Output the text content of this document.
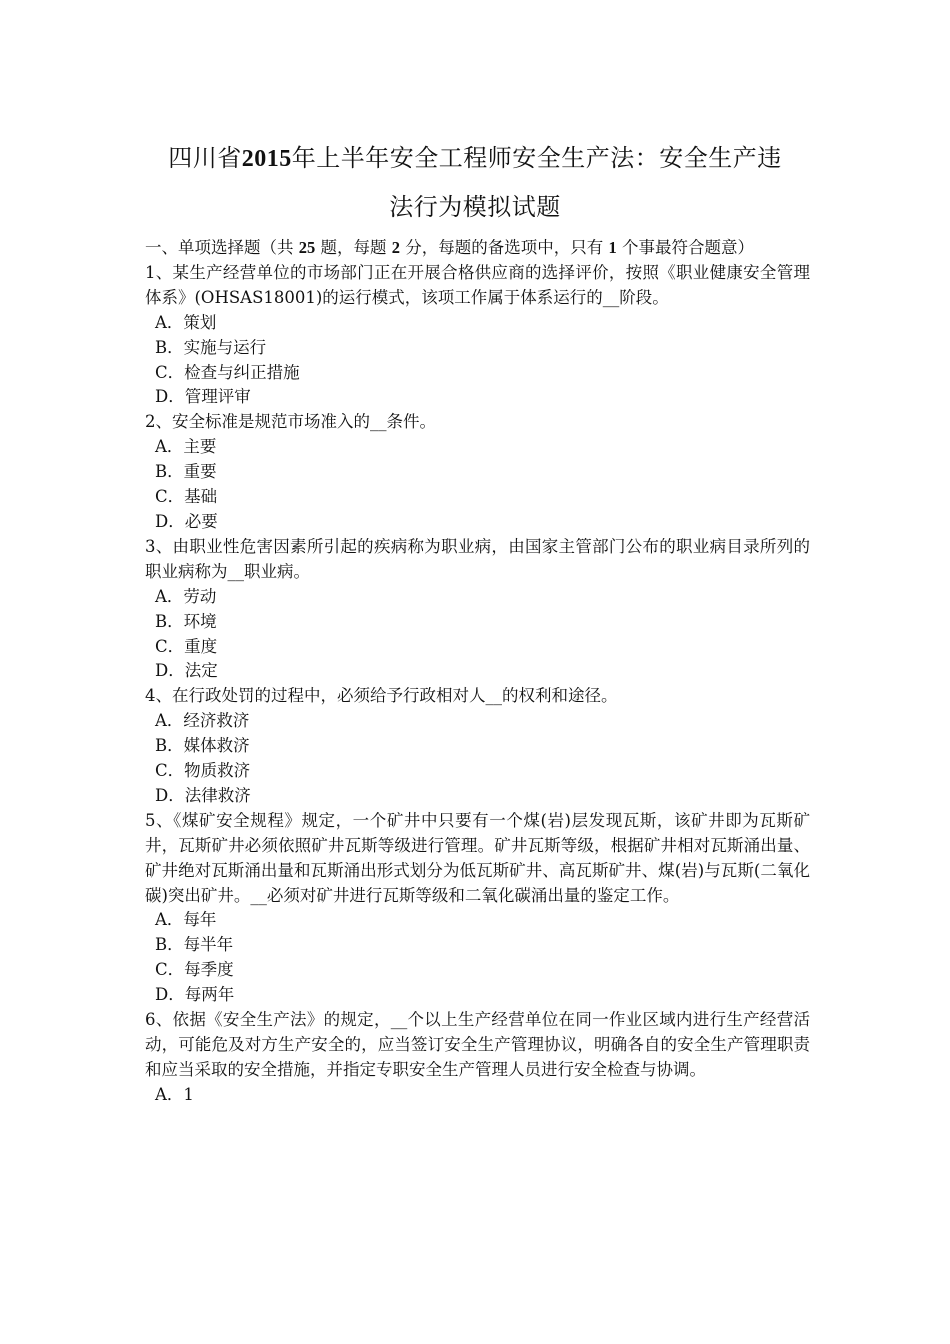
四川省2015年上半年安全工程师安全生产法：安全生产违
法行为模拟试题

一、单项选择题（共 25 题，每题 2 分，每题的备选项中，只有 1 个事最符合题意）

1、某生产经营单位的市场部门正在开展合格供应商的选择评价，按照《职业健康安全管理体系》(OHSAS18001)的运行模式，该项工作属于体系运行的__阶段。

A．策划

B．实施与运行

C．检查与纠正措施

D．管理评审

2、安全标准是规范市场准入的__条件。

A．主要

B．重要

C．基础

D．必要

3、由职业性危害因素所引起的疾病称为职业病，由国家主管部门公布的职业病目录所列的职业病称为__职业病。

A．劳动

B．环境

C．重度

D．法定

4、在行政处罚的过程中，必须给予行政相对人__的权利和途径。

A．经济救济

B．媒体救济

C．物质救济

D．法律救济

5、《煤矿安全规程》规定，一个矿井中只要有一个煤(岩)层发现瓦斯，该矿井即为瓦斯矿井，瓦斯矿井必须依照矿井瓦斯等级进行管理。矿井瓦斯等级，根据矿井相对瓦斯涌出量、矿井绝对瓦斯涌出量和瓦斯涌出形式划分为低瓦斯矿井、高瓦斯矿井、煤(岩)与瓦斯(二氧化碳)突出矿井。__必须对矿井进行瓦斯等级和二氧化碳涌出量的鉴定工作。

A．每年

B．每半年

C．每季度

D．每两年

6、依据《安全生产法》的规定，__个以上生产经营单位在同一作业区域内进行生产经营活动，可能危及对方生产安全的，应当签订安全生产管理协议，明确各自的安全生产管理职责和应当采取的安全措施，并指定专职安全生产管理人员进行安全检查与协调。

A．1
